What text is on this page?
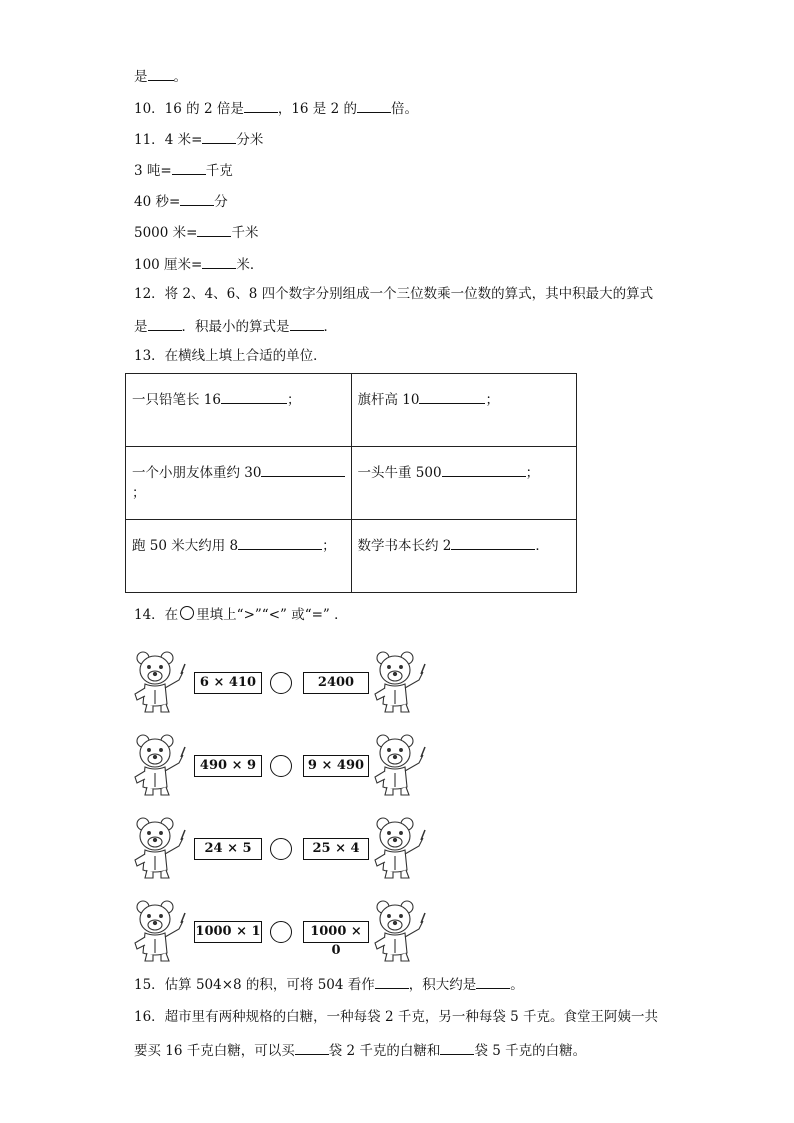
是 。
10．16 的 2 倍是	，16 是 2 的	倍。
11．4 米=	分米
3 吨=	千克
40 秒=	分
5000 米=	千米
100 厘米=	米．
12．将 2、4、6、8 四个数字分别组成一个三位数乘一位数的算式，其中积最大的算式
是	．积最小的算式是	．
13．在横线上填上合适的单位．
一只铅笔长 16 ；	旗杆高 10 ；
一个小朋友体重约 30；	一头牛重 500 ；
跑 50 米大约用 8 ；	数学书本长约 2 ．
14．在 里填上“>”“<” 或“=” ．
6 × 410	2400
490 × 9	9 × 490
24 × 5	25 × 4
1000 × 1	1000 × 0
15．估算 504×8 的积，可将 504 看作	，积大约是	。
16．超市里有两种规格的白糖，一种每袋 2 千克，另一种每袋 5 千克。食堂王阿姨一共
要买 16 千克白糖，可以买	袋 2 千克的白糖和	袋 5 千克的白糖。
